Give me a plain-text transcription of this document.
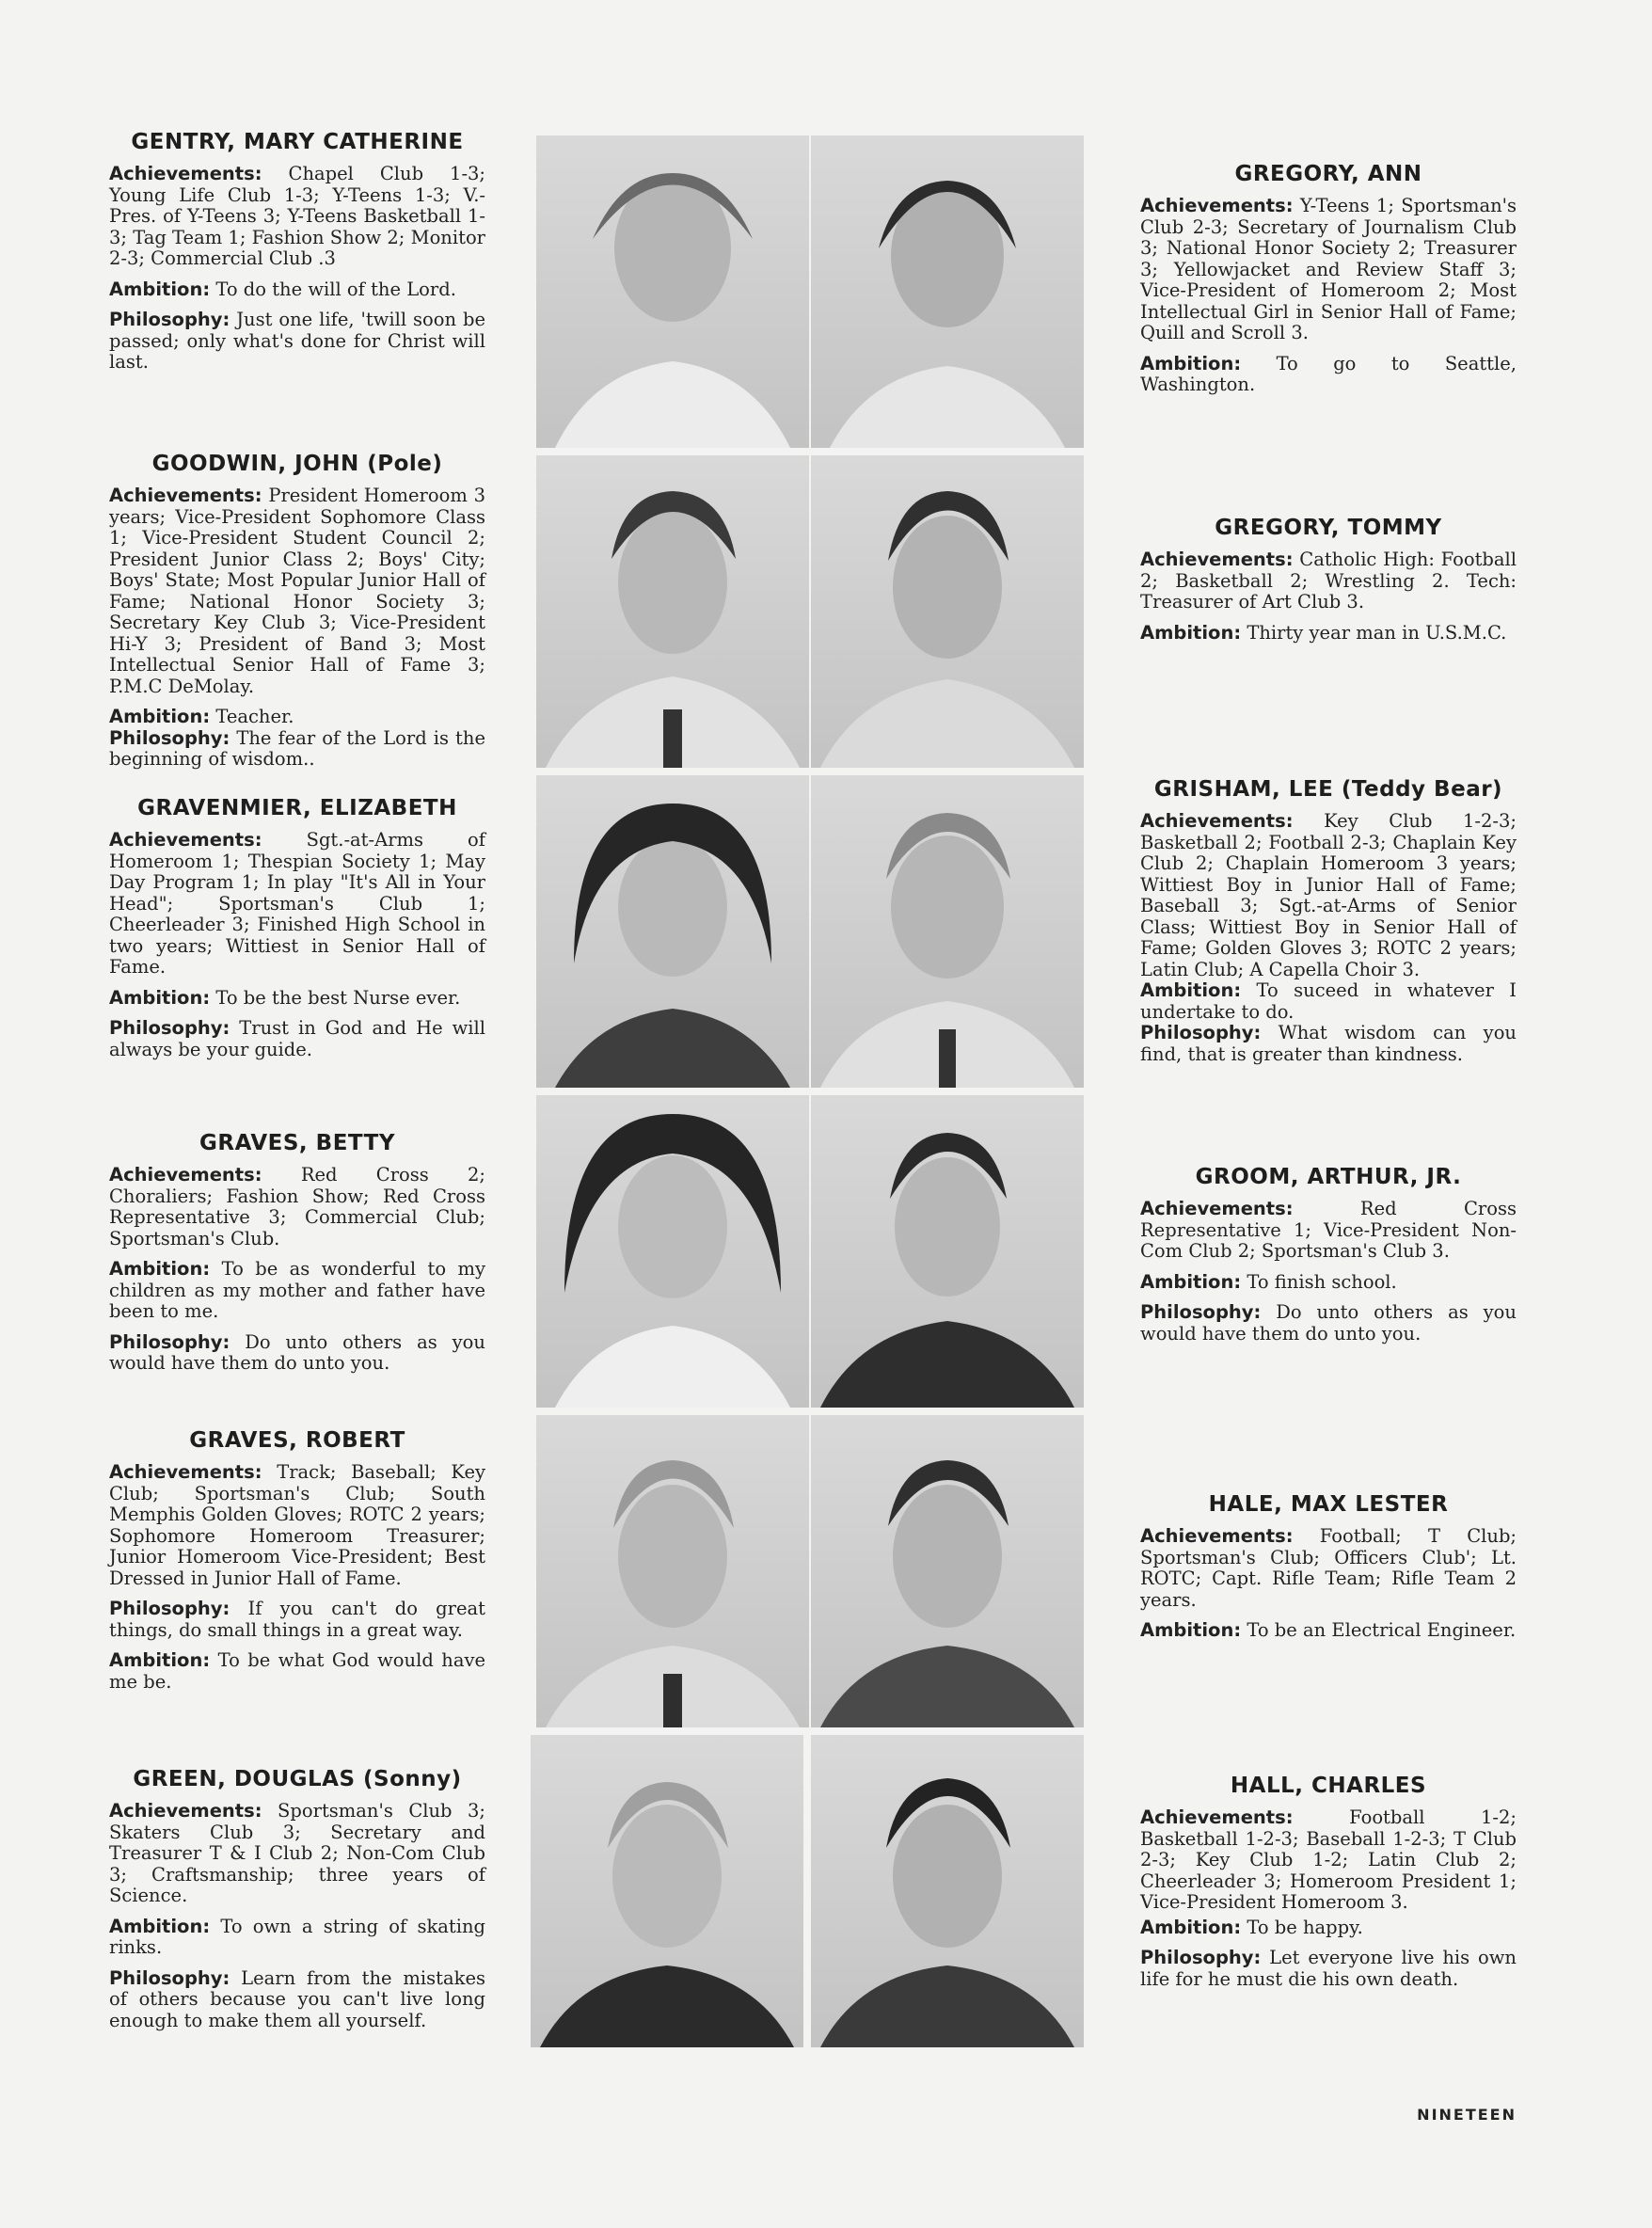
GENTRY, MARY CATHERINE

Achievements: Chapel Club 1-3; Young Life Club 1-3; Y-Teens 1-3; V.-Pres. of Y-Teens 3; Y-Teens Basketball 1-3; Tag Team 1; Fashion Show 2; Monitor 2-3; Commercial Club .3

Ambition: To do the will of the Lord.

Philosophy: Just one life, 'twill soon be passed; only what's done for Christ will last.

GOODWIN, JOHN (Pole)

Achievements: President Homeroom 3 years; Vice-President Sophomore Class 1; Vice-President Student Council 2; President Junior Class 2; Boys' City; Boys' State; Most Popular Junior Hall of Fame; National Honor Society 3; Secretary Key Club 3; Vice-President Hi-Y 3; President of Band 3; Most Intellectual Senior Hall of Fame 3; P.M.C DeMolay.

Ambition: Teacher.

Philosophy: The fear of the Lord is the beginning of wisdom..

GRAVENMIER, ELIZABETH

Achievements: Sgt.-at-Arms of Homeroom 1; Thespian Society 1; May Day Program 1; In play "It's All in Your Head"; Sportsman's Club 1; Cheerleader 3; Finished High School in two years; Wittiest in Senior Hall of Fame.

Ambition: To be the best Nurse ever.

Philosophy: Trust in God and He will always be your guide.

GRAVES, BETTY

Achievements: Red Cross 2; Choraliers; Fashion Show; Red Cross Representative 3; Commercial Club; Sportsman's Club.

Ambition: To be as wonderful to my children as my mother and father have been to me.

Philosophy: Do unto others as you would have them do unto you.

GRAVES, ROBERT

Achievements: Track; Baseball; Key Club; Sportsman's Club; South Memphis Golden Gloves; ROTC 2 years; Sophomore Homeroom Treasurer; Junior Homeroom Vice-President; Best Dressed in Junior Hall of Fame.

Philosophy: If you can't do great things, do small things in a great way.

Ambition: To be what God would have me be.

GREEN, DOUGLAS (Sonny)

Achievements: Sportsman's Club 3; Skaters Club 3; Secretary and Treasurer T & I Club 2; Non-Com Club 3; Craftsmanship; three years of Science.

Ambition: To own a string of skating rinks.

Philosophy: Learn from the mistakes of others because you can't live long enough to make them all yourself.

GREGORY, ANN

Achievements: Y-Teens 1; Sportsman's Club 2-3; Secretary of Journalism Club 3; National Honor Society 2; Treasurer 3; Yellowjacket and Review Staff 3; Vice-President of Homeroom 2; Most Intellectual Girl in Senior Hall of Fame; Quill and Scroll 3.

Ambition: To go to Seattle, Washington.

GREGORY, TOMMY

Achievements: Catholic High: Football 2; Basketball 2; Wrestling 2. Tech: Treasurer of Art Club 3.

Ambition: Thirty year man in U.S.M.C.

GRISHAM, LEE (Teddy Bear)

Achievements: Key Club 1-2-3; Basketball 2; Football 2-3; Chaplain Key Club 2; Chaplain Homeroom 3 years; Wittiest Boy in Junior Hall of Fame; Baseball 3; Sgt.-at-Arms of Senior Class; Wittiest Boy in Senior Hall of Fame; Golden Gloves 3; ROTC 2 years; Latin Club; A Capella Choir 3.

Ambition: To suceed in whatever I undertake to do.

Philosophy: What wisdom can you find, that is greater than kindness.

GROOM, ARTHUR, JR.

Achievements:	Red Cross Representative 1; Vice-President Non-Com Club 2; Sportsman's Club 3.

Ambition: To finish school.

Philosophy: Do unto others as you would have them do unto you.

HALE, MAX LESTER

Achievements: Football; T Club; Sportsman's Club; Officers Club'; Lt. ROTC; Capt. Rifle Team; Rifle Team 2 years.

Ambition: To be an Electrical Engineer.

HALL, CHARLES

Achievements:	Football 1-2; Basketball 1-2-3; Baseball 1-2-3; T Club 2-3; Key Club 1-2; Latin Club 2; Cheerleader 3; Homeroom President 1; Vice-President Homeroom 3.

Ambition: To be happy.

Philosophy: Let everyone live his own life for he must die his own death.

NINETEEN
